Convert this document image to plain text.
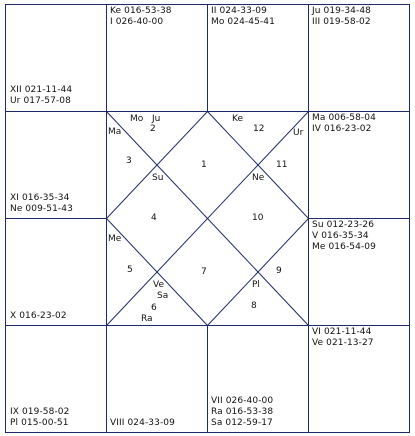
XII 021-11-44
Ur 017-57-08
Ke 016-53-38
I 026-40-00
II 024-33-09
Mo 024-45-41
Ju 019-34-48
III 019-58-02
Ma 006-58-04
IV 016-23-02
Su 012-23-26
V 016-35-34
Me 016-54-09
VI 021-11-44
Ve 021-13-27
VII 026-40-00
Ra 016-53-38
Sa 012-59-17
VIII 024-33-09
IX 019-58-02
Pl 015-00-51
X 016-23-02
XI 016-35-34
Ne 009-51-43
1
2
3
4
5
6
7
8
9
10
11
12
Mo Ju
Ma
Ke
Ur
Su	Ne
Me
Ve
Sa
Ra
Pl
